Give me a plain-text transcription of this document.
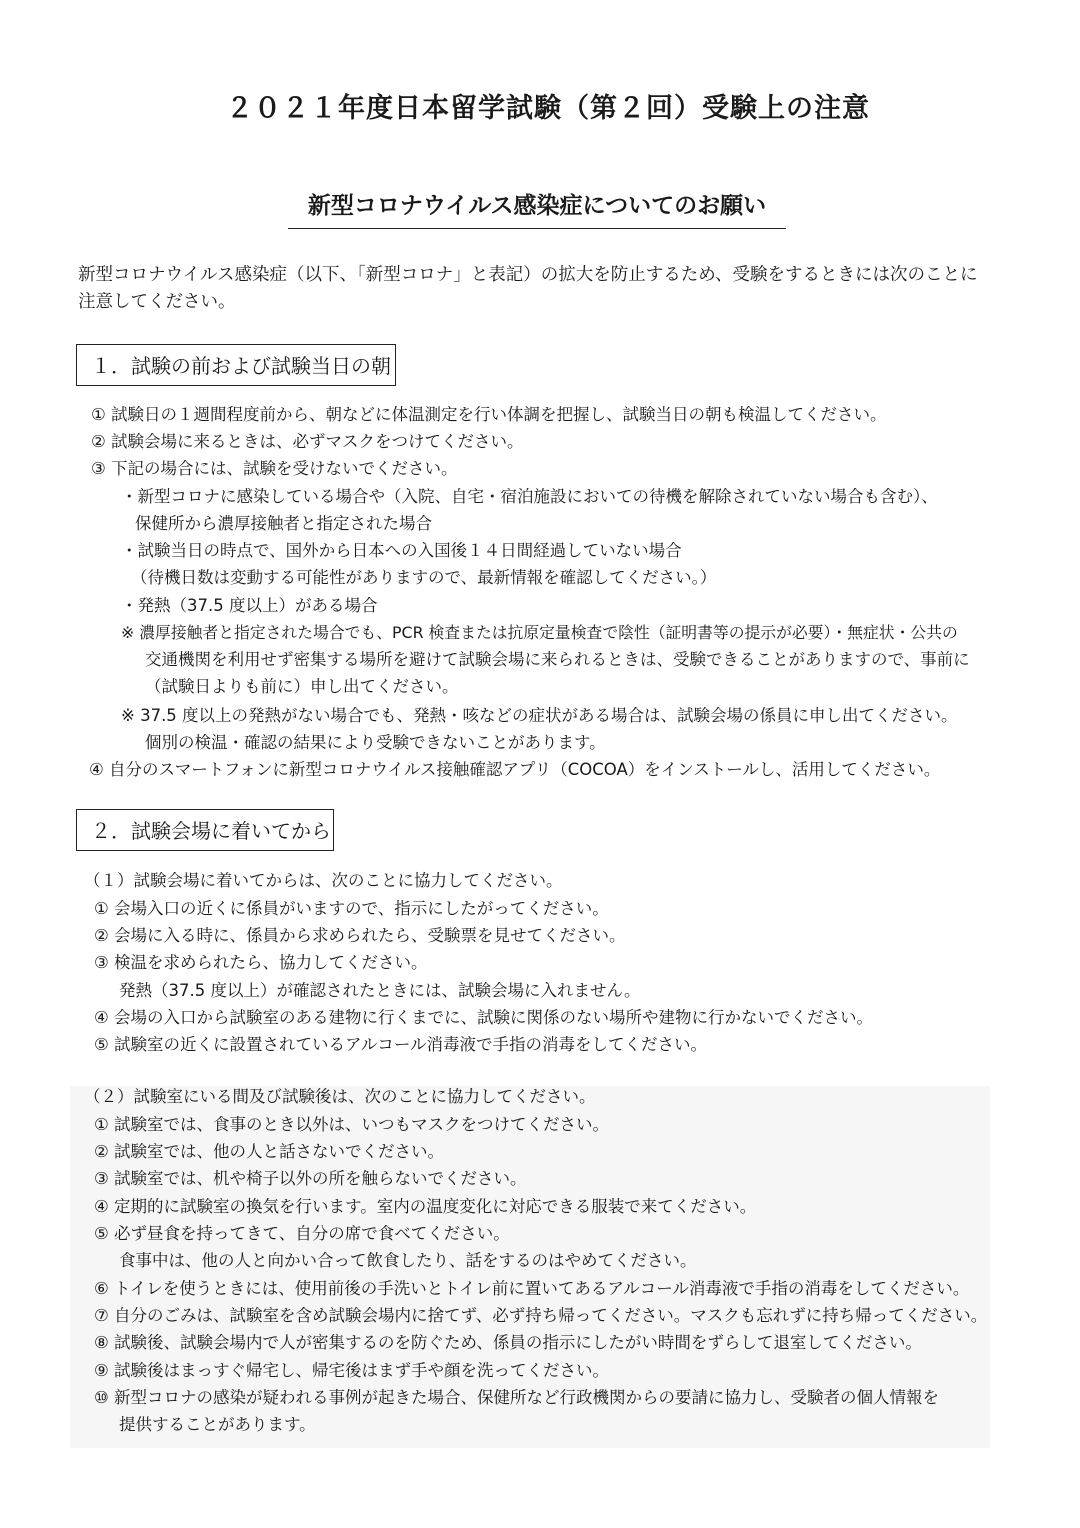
２０２１年度日本留学試験（第２回）受験上の注意
新型コロナウイルス感染症についてのお願い

新型コロナウイルス感染症（以下、「新型コロナ」と表記）の拡大を防止するため、受験をするときには次のことに
注意してください。

１．試験の前および試験当日の朝
① 試験日の１週間程度前から、朝などに体温測定を行い体調を把握し、試験当日の朝も検温してください。
② 試験会場に来るときは、必ずマスクをつけてください。
③ 下記の場合には、試験を受けないでください。
・新型コロナに感染している場合や（入院、自宅・宿泊施設においての待機を解除されていない場合も含む）、
保健所から濃厚接触者と指定された場合
・試験当日の時点で、国外から日本への入国後１４日間経過していない場合
（待機日数は変動する可能性がありますので、最新情報を確認してください。）
・発熱（37.5 度以上）がある場合
※ 濃厚接触者と指定された場合でも、PCR 検査または抗原定量検査で陰性（証明書等の提示が必要）・無症状・公共の
交通機関を利用せず密集する場所を避けて試験会場に来られるときは、受験できることがありますので、事前に
（試験日よりも前に）申し出てください。
※ 37.5 度以上の発熱がない場合でも、発熱・咳などの症状がある場合は、試験会場の係員に申し出てください。
個別の検温・確認の結果により受験できないことがあります。
④ 自分のスマートフォンに新型コロナウイルス接触確認アプリ（COCOA）をインストールし、活用してください。
２．試験会場に着いてから
（１）試験会場に着いてからは、次のことに協力してください。
① 会場入口の近くに係員がいますので、指示にしたがってください。
② 会場に入る時に、係員から求められたら、受験票を見せてください。
③ 検温を求められたら、協力してください。
発熱（37.5 度以上）が確認されたときには、試験会場に入れません。
④ 会場の入口から試験室のある建物に行くまでに、試験に関係のない場所や建物に行かないでください。
⑤ 試験室の近くに設置されているアルコール消毒液で手指の消毒をしてください。
（２）試験室にいる間及び試験後は、次のことに協力してください。
① 試験室では、食事のとき以外は、いつもマスクをつけてください。
② 試験室では、他の人と話さないでください。
③ 試験室では、机や椅子以外の所を触らないでください。
④ 定期的に試験室の換気を行います。室内の温度変化に対応できる服装で来てください。
⑤ 必ず昼食を持ってきて、自分の席で食べてください。
食事中は、他の人と向かい合って飲食したり、話をするのはやめてください。
⑥ トイレを使うときには、使用前後の手洗いとトイレ前に置いてあるアルコール消毒液で手指の消毒をしてください。
⑦ 自分のごみは、試験室を含め試験会場内に捨てず、必ず持ち帰ってください。マスクも忘れずに持ち帰ってください。
⑧ 試験後、試験会場内で人が密集するのを防ぐため、係員の指示にしたがい時間をずらして退室してください。
⑨ 試験後はまっすぐ帰宅し、帰宅後はまず手や顔を洗ってください。
⑩ 新型コロナの感染が疑われる事例が起きた場合、保健所など行政機関からの要請に協力し、受験者の個人情報を
提供することがあります。
